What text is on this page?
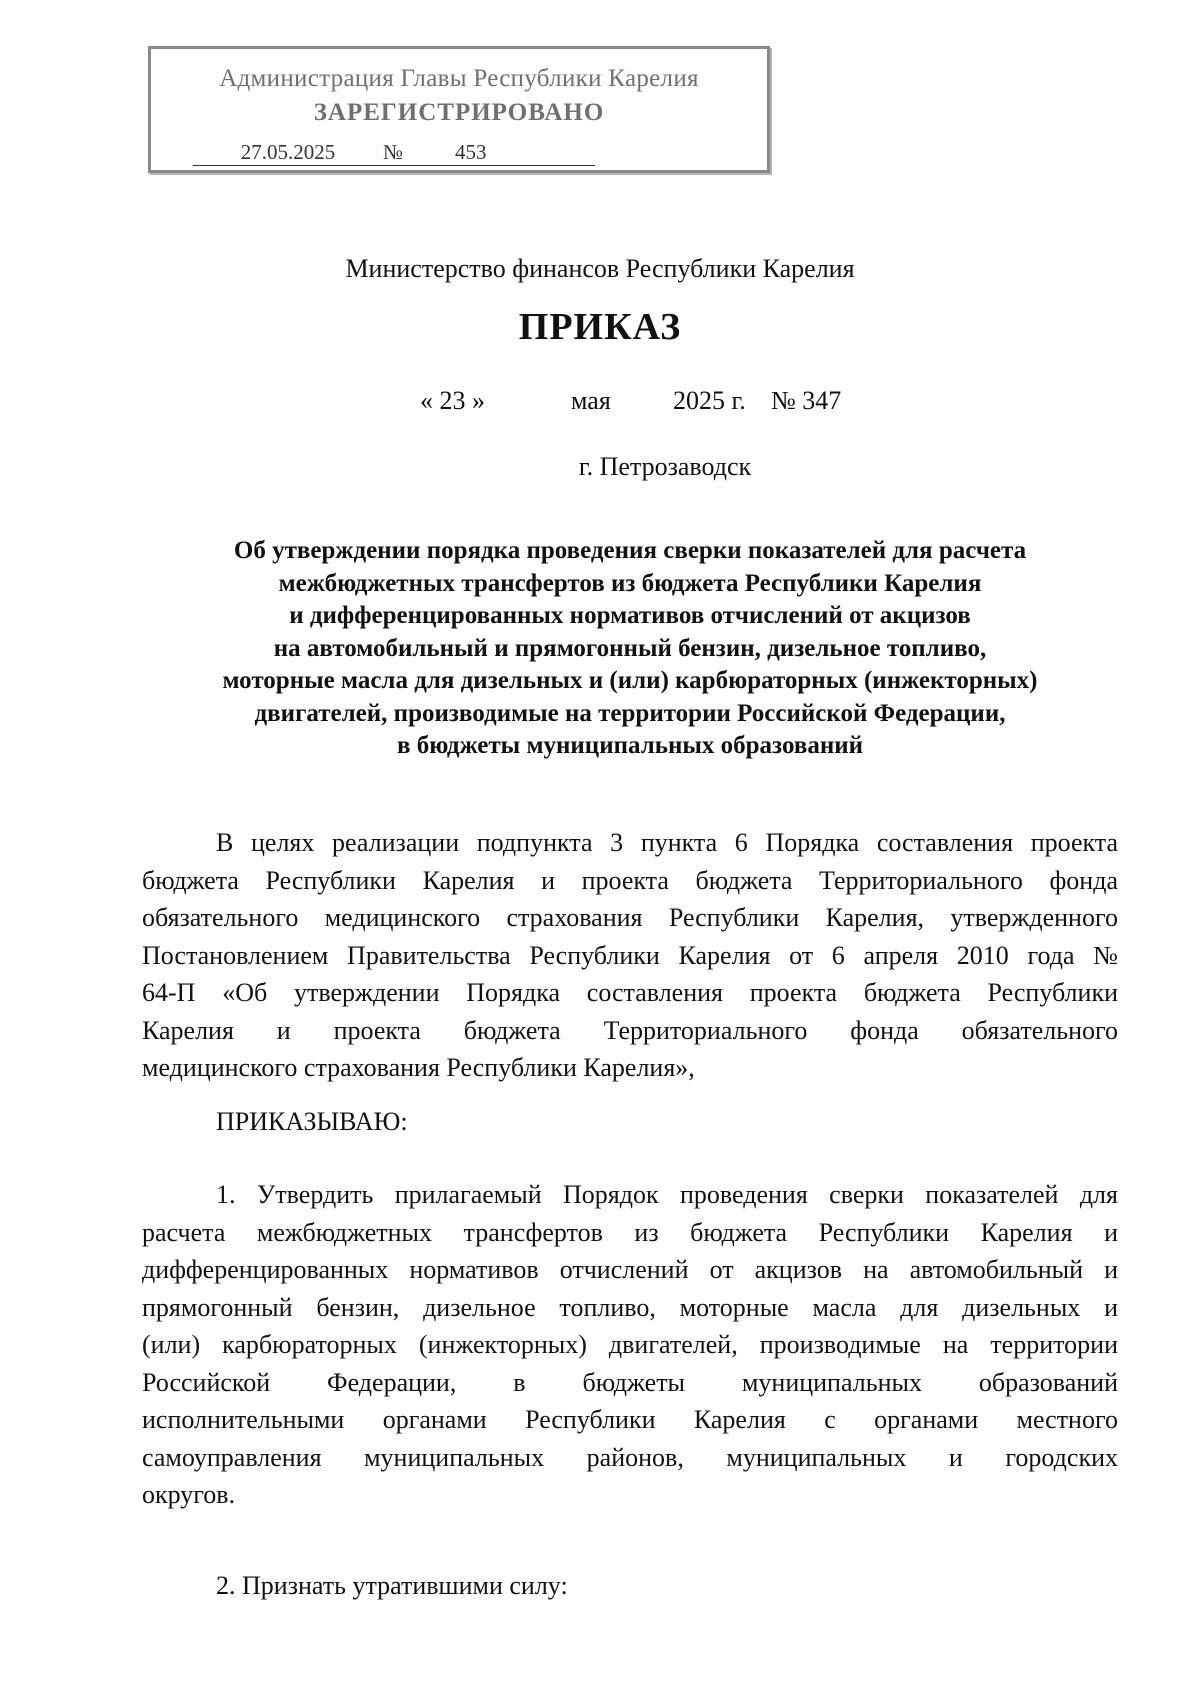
Администрация Главы Республики Карелия
ЗАРЕГИСТРИРОВАНО
27.05.2025 № 453
Министерство финансов Республики Карелия
ПРИКАЗ
« 23 »	мая 2025 г. № 347
г. Петрозаводск
Об утверждении порядка проведения сверки показателей для расчета
межбюджетных трансфертов из бюджета Республики Карелия
и дифференцированных нормативов отчислений от акцизов
на автомобильный и прямогонный бензин, дизельное топливо,
моторные масла для дизельных и (или) карбюраторных (инжекторных)
двигателей, производимые на территории Российской Федерации,
в бюджеты муниципальных образований
В целях реализации подпункта 3 пункта 6 Порядка составления проекта
бюджета Республики Карелия и проекта бюджета Территориального фонда
обязательного медицинского страхования Республики Карелия, утвержденного
Постановлением Правительства Республики Карелия от 6 апреля 2010 года №
64-П «Об утверждении Порядка составления проекта бюджета Республики
Карелия и проекта бюджета Территориального фонда обязательного
медицинского страхования Республики Карелия»,
ПРИКАЗЫВАЮ:
1. Утвердить прилагаемый Порядок проведения сверки показателей для
расчета межбюджетных трансфертов из бюджета Республики Карелия и
дифференцированных нормативов отчислений от акцизов на автомобильный и
прямогонный бензин, дизельное топливо, моторные масла для дизельных и
(или) карбюраторных (инжекторных) двигателей, производимые на территории
Российской Федерации, в бюджеты муниципальных образований
исполнительными органами Республики Карелия с органами местного
самоуправления муниципальных районов, муниципальных и городских
округов.
2. Признать утратившими силу:
